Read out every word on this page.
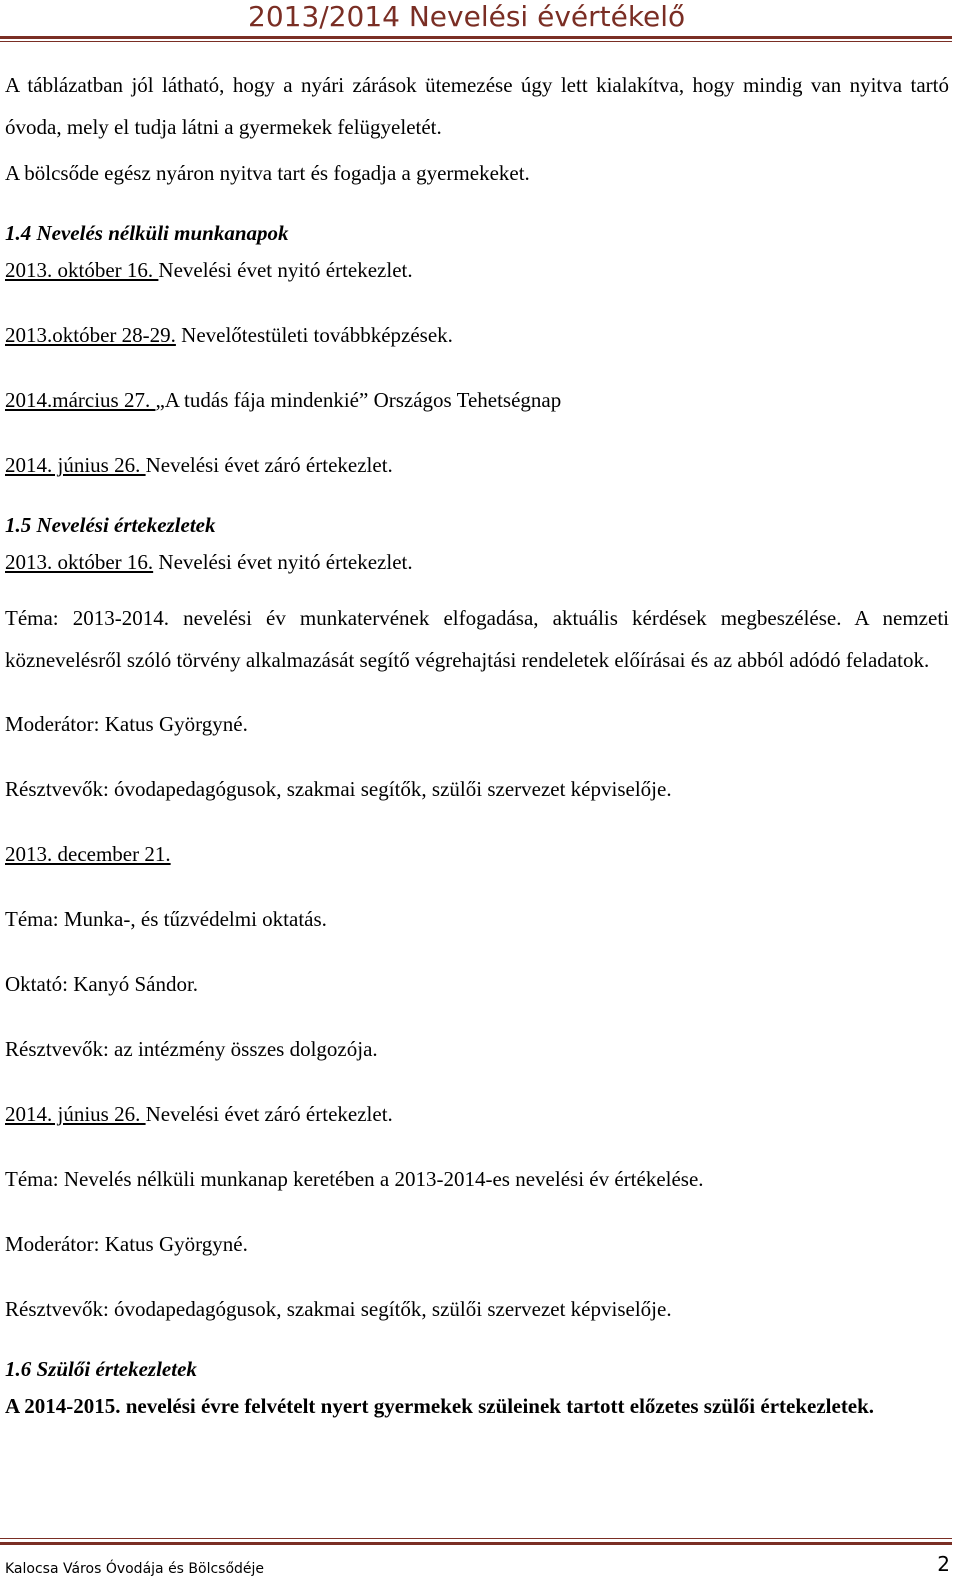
2013/2014 Nevelési évértékelő

A táblázatban jól látható, hogy a nyári zárások ütemezése úgy lett kialakítva, hogy mindig van nyitva tartó óvoda, mely el tudja látni a gyermekek felügyeletét.

A bölcsőde egész nyáron nyitva tart és fogadja a gyermekeket.

1.4 Nevelés nélküli munkanapok

2013. október 16. Nevelési évet nyitó értekezlet.

2013.október 28-29. Nevelőtestületi továbbképzések.

2014.március 27. „A tudás fája mindenkié” Országos Tehetségnap

2014. június 26. Nevelési évet záró értekezlet.

1.5 Nevelési értekezletek

2013. október 16. Nevelési évet nyitó értekezlet.

Téma: 2013-2014. nevelési év munkatervének elfogadása, aktuális kérdések megbeszélése. A nemzeti köznevelésről szóló törvény alkalmazását segítő végrehajtási rendeletek előírásai és az abból adódó feladatok.

Moderátor: Katus Györgyné.

Résztvevők: óvodapedagógusok, szakmai segítők, szülői szervezet képviselője.

2013. december 21.

Téma: Munka-, és tűzvédelmi oktatás.

Oktató: Kanyó Sándor.

Résztvevők: az intézmény összes dolgozója.

2014. június 26. Nevelési évet záró értekezlet.

Téma: Nevelés nélküli munkanap keretében a 2013-2014-es nevelési év értékelése.

Moderátor: Katus Györgyné.

Résztvevők: óvodapedagógusok, szakmai segítők, szülői szervezet képviselője.

1.6 Szülői értekezletek

A 2014-2015. nevelési évre felvételt nyert gyermekek szüleinek tartott előzetes szülői értekezletek.

Kalocsa Város Óvodája és Bölcsődéje	2
